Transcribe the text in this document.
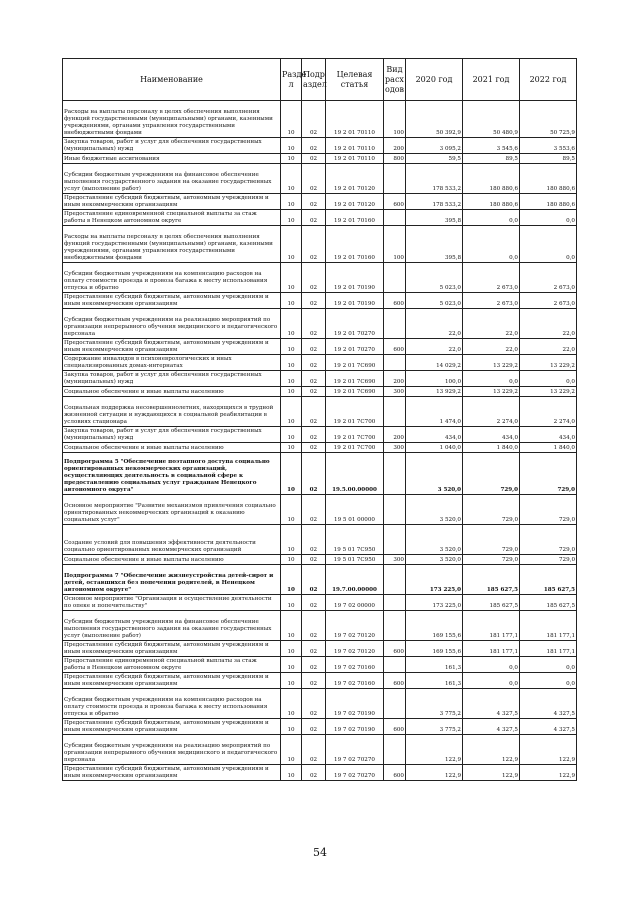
Наименование	Разде л	Подр аздел	Целевая статья	Вид расх одов	2020 год	2021 год	2022 год
Расходы на выплаты персоналу в целях обеспечения выполнения функций государственными (муниципальными) органами, казенными учреждениями, органами управления государственными внебюджетными фондами	10	02	19 2 01 70110	100	50 392,9	50 480,9	50 725,9
Закупка товаров, работ и услуг для обеспечения государственных (муниципальных) нужд	10	02	19 2 01 70110	200	3 095,2	3 545,6	3 553,6
Иные бюджетные ассигнования	10	02	19 2 01 70110	800	59,5	89,5	89,5
Субсидии бюджетным учреждениям на финансовое обеспечение выполнения государственного задания на оказание государственных услуг (выполнение работ)	10	02	19 2 01 70120		178 533,2	180 880,6	180 880,6
Предоставление субсидий бюджетным, автономным учреждениям и иным некоммерческим организациям	10	02	19 2 01 70120	600	178 533,2	180 880,6	180 880,6
Предоставление единовременной специальной выплаты за стаж работы в Ненецком автономном округе	10	02	19 2 01 70160		395,8	0,0	0,0
Расходы на выплаты персоналу в целях обеспечения выполнения функций государственными (муниципальными) органами, казенными учреждениями, органами управления государственными внебюджетными фондами	10	02	19 2 01 70160	100	395,8	0,0	0,0
Субсидии бюджетным учреждениям на компенсацию расходов на оплату стоимости проезда и провоза багажа к месту использования отпуска и обратно	10	02	19 2 01 70190		5 023,0	2 673,0	2 673,0
Предоставление субсидий бюджетным, автономным учреждениям и иным некоммерческим организациям	10	02	19 2 01 70190	600	5 023,0	2 673,0	2 673,0
Субсидии бюджетным учреждениям на реализацию мероприятий по организации непрерывного обучения медицинского и педагогического персонала	10	02	19 2 01 70270		22,0	22,0	22,0
Предоставление субсидий бюджетным, автономным учреждениям и иным некоммерческим организациям	10	02	19 2 01 70270	600	22,0	22,0	22,0
Содержание инвалидов в психоневрологических и иных специализированных домах-интернатах	10	02	19 2 01 7С690		14 029,2	13 229,2	13 229,2
Закупка товаров, работ и услуг для обеспечения государственных (муниципальных) нужд	10	02	19 2 01 7С690	200	100,0	0,0	0,0
Социальное обеспечение и иные выплаты населению	10	02	19 2 01 7С690	300	13 929,2	13 229,2	13 229,2
Социальная поддержка несовершеннолетних, находящихся в трудной жизненной ситуации и нуждающихся в социальной реабилитации в условиях стационара	10	02	19 2 01 7С700		1 474,0	2 274,0	2 274,0
Закупка товаров, работ и услуг для обеспечения государственных (муниципальных) нужд	10	02	19 2 01 7С700	200	434,0	434,0	434,0
Социальное обеспечение и иные выплаты населению	10	02	19 2 01 7С700	300	1 040,0	1 840,0	1 840,0
Подпрограмма 5 "Обеспечение поэтапного доступа социально ориентированных некоммерческих организаций, осуществляющих деятельность в социальной сфере к предоставлению социальных услуг гражданам Ненецкого автономного округа"	10	02	19.5.00.00000		3 520,0	729,0	729,0
Основное мероприятие "Развитие механизмов привлечения социально ориентированных некоммерческих организаций к оказанию социальных услуг"	10	02	19 5 01 00000		3 520,0	729,0	729,0
Создание условий для повышения эффективности деятельности социально ориентированных некоммерческих организаций	10	02	19 5 01 7С950		3 520,0	729,0	729,0
Социальное обеспечение и иные выплаты населению	10	02	19 5 01 7С950	300	3 520,0	729,0	729,0
Подпрограмма 7 "Обеспечение жизнеустройства детей-сирот и детей, оставшихся без попечения родителей, в Ненецком автономном округе"	10	02	19.7.00.00000		173 225,0	185 627,5	185 627,5
Основное мероприятие "Организация и осуществление деятельности по опеке и попечительству"	10	02	19 7 02 00000		173 225,0	185 627,5	185 627,5
Субсидии бюджетным учреждениям на финансовое обеспечение выполнения государственного задания на оказание государственных услуг (выполнение работ)	10	02	19 7 02 70120		169 155,6	181 177,1	181 177,1
Предоставление субсидий бюджетным, автономным учреждениям и иным некоммерческим организациям	10	02	19 7 02 70120	600	169 155,6	181 177,1	181 177,1
Предоставление единовременной специальной выплаты за стаж работы в Ненецком автономном округе	10	02	19 7 02 70160		161,3	0,0	0,0
Предоставление субсидий бюджетным, автономным учреждениям и иным некоммерческим организациям	10	02	19 7 02 70160	600	161,3	0,0	0,0
Субсидии бюджетным учреждениям на компенсацию расходов на оплату стоимости проезда и провоза багажа к месту использования отпуска и обратно	10	02	19 7 02 70190		3 775,2	4 327,5	4 327,5
Предоставление субсидий бюджетным, автономным учреждениям и иным некоммерческим организациям	10	02	19 7 02 70190	600	3 775,2	4 327,5	4 327,5
Субсидии бюджетным учреждениям на реализацию мероприятий по организации непрерывного обучения медицинского и педагогического персонала	10	02	19 7 02 70270		122,9	122,9	122,9
Предоставление субсидий бюджетным, автономным учреждениям и иным некоммерческим организациям	10	02	19 7 02 70270	600	122,9	122,9	122,9
54
